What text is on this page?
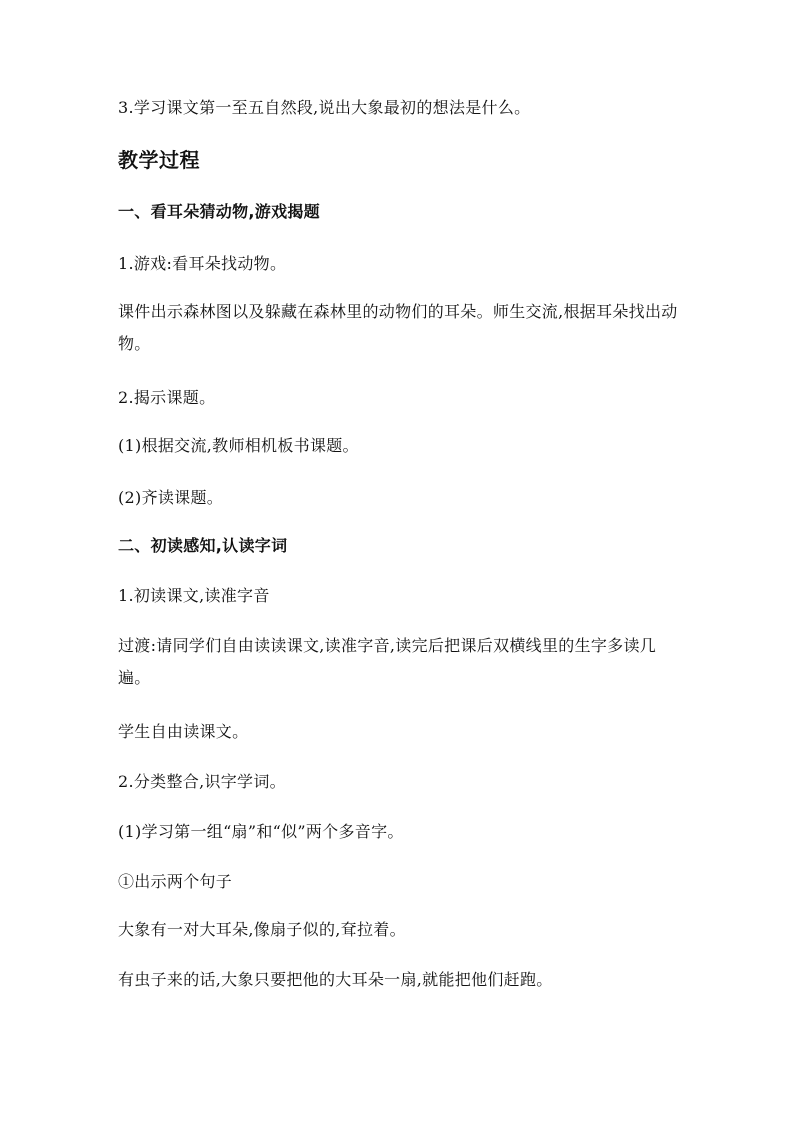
3.学习课文第一至五自然段,说出大象最初的想法是什么。
教学过程
一、看耳朵猜动物,游戏揭题
1.游戏:看耳朵找动物。
课件出示森林图以及躲藏在森林里的动物们的耳朵。师生交流,根据耳朵找出动物。
2.揭示课题。
(1)根据交流,教师相机板书课题。
(2)齐读课题。
二、初读感知,认读字词
1.初读课文,读准字音
过渡:请同学们自由读读课文,读准字音,读完后把课后双横线里的生字多读几遍。
学生自由读课文。
2.分类整合,识字学词。
(1)学习第一组“扇”和“似”两个多音字。
①出示两个句子
大象有一对大耳朵,像扇子似的,耷拉着。
有虫子来的话,大象只要把他的大耳朵一扇,就能把他们赶跑。
